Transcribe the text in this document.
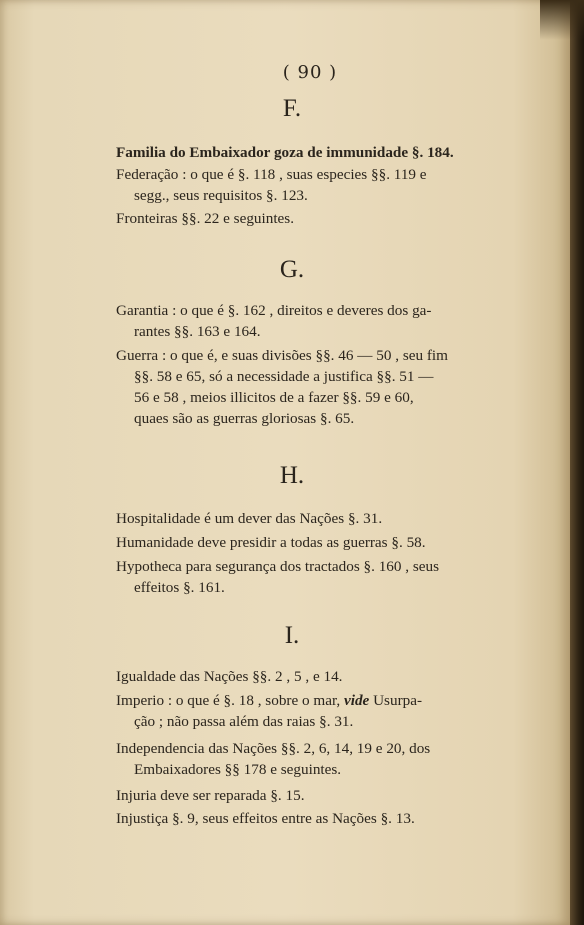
( 90 )
F.
Familia do Embaixador goza de immunidade §. 184.
Federação : o que é §. 118 , suas especies §§. 119 e
segg., seus requisitos §. 123.
Fronteiras §§. 22 e seguintes.
G.
Garantia : o que é §. 162 , direitos e deveres dos ga-
rantes §§. 163 e 164.
Guerra : o que é, e suas divisões §§. 46 — 50 , seu fim
§§. 58 e 65, só a necessidade a justifica §§. 51 —
56 e 58 , meios illicitos de a fazer §§. 59 e 60,
quaes são as guerras gloriosas §. 65.
H.
Hospitalidade é um dever das Nações §. 31.
Humanidade deve presidir a todas as guerras §. 58.
Hypotheca para segurança dos tractados §. 160 , seus
effeitos §. 161.
I.
Igualdade das Nações §§. 2 , 5 , e 14.
Imperio : o que é §. 18 , sobre o mar, vide Usurpa-
ção ; não passa além das raias §. 31.
Independencia das Nações §§. 2, 6, 14, 19 e 20, dos
Embaixadores §§ 178 e seguintes.
Injuria deve ser reparada §. 15.
Injustiça §. 9, seus effeitos entre as Nações §. 13.
